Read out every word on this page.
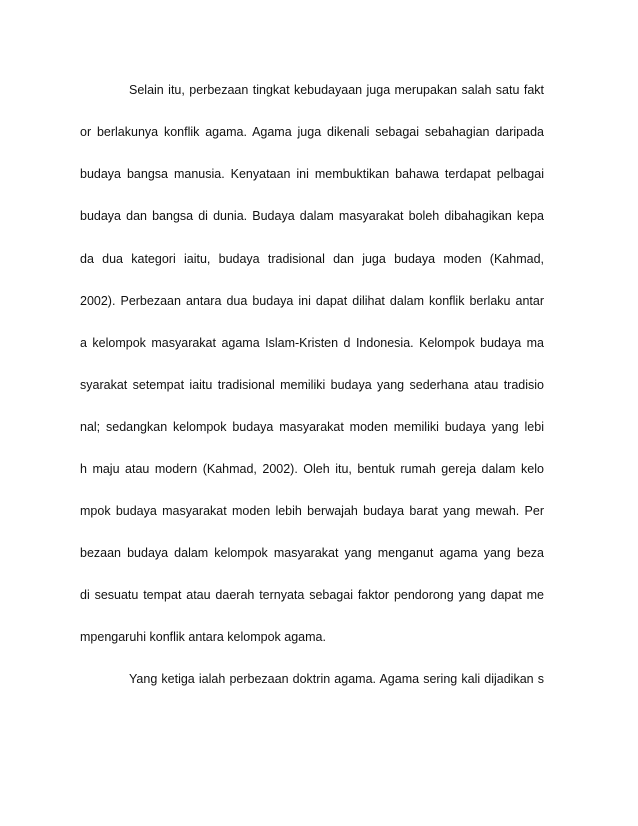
Selain itu, perbezaan tingkat kebudayaan juga merupakan salah satu fakt
or berlakunya konflik agama. Agama juga dikenali sebagai sebahagian daripada
budaya bangsa manusia. Kenyataan ini membuktikan bahawa terdapat pelbagai
budaya dan bangsa di dunia. Budaya dalam masyarakat boleh dibahagikan kepa
da dua kategori iaitu, budaya tradisional dan juga budaya moden (Kahmad,
2002). Perbezaan antara dua budaya ini dapat dilihat dalam konflik berlaku antar
a kelompok masyarakat agama Islam-Kristen d Indonesia. Kelompok budaya ma
syarakat setempat iaitu tradisional memiliki budaya yang sederhana atau tradisio
nal; sedangkan kelompok budaya masyarakat moden memiliki budaya yang lebi
h maju atau modern (Kahmad, 2002). Oleh itu, bentuk rumah gereja dalam kelo
mpok budaya masyarakat moden lebih berwajah budaya barat yang mewah. Per
bezaan budaya dalam kelompok masyarakat yang menganut agama yang beza
di sesuatu tempat atau daerah ternyata sebagai faktor pendorong yang dapat me
mpengaruhi konflik antara kelompok agama.
Yang ketiga ialah perbezaan doktrin agama. Agama sering kali dijadikan s
